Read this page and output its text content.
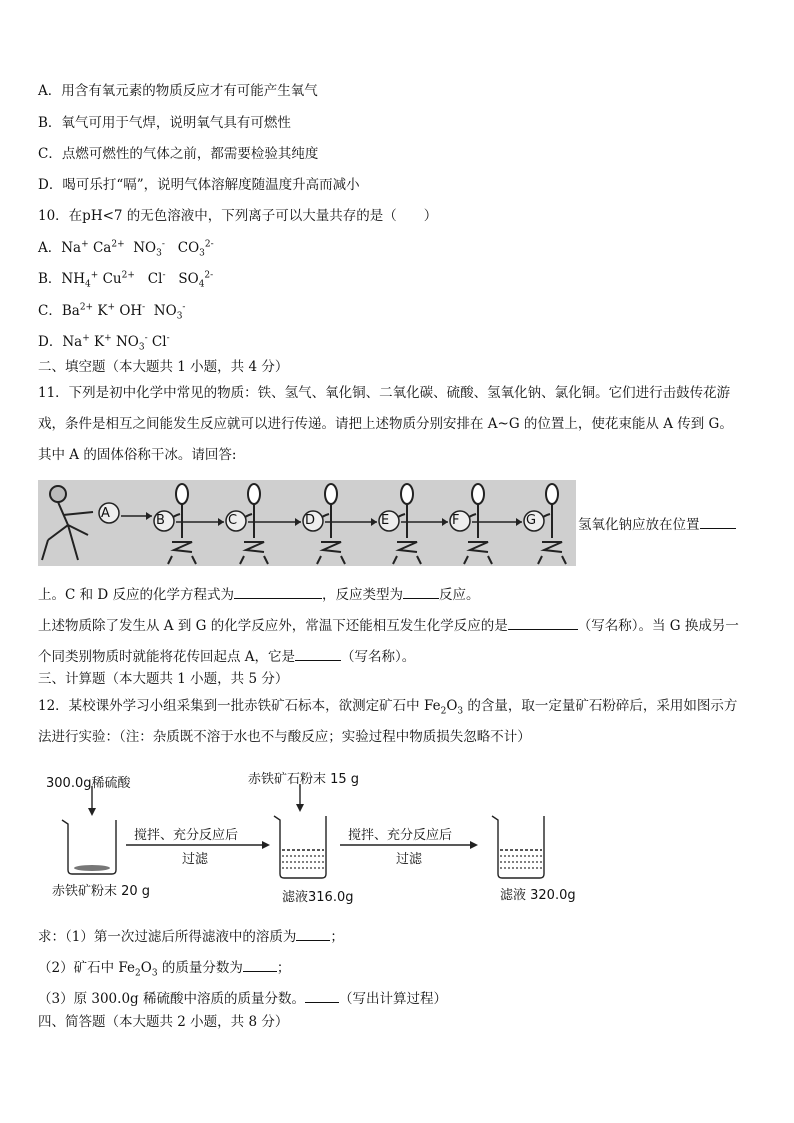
A．用含有氧元素的物质反应才有可能产生氧气
B．氧气可用于气焊，说明氧气具有可燃性
C．点燃可燃性的气体之前，都需要检验其纯度
D．喝可乐打“嗝”，说明气体溶解度随温度升高而减小
10．在pH<7 的无色溶液中，下列离子可以大量共存的是（　　）
A．Na+ $Ca^{2+}$  $NO_3^-$   $CO_3^{2-}$
B．$NH_4^+$ $Cu^{2+}$   Cl-   $SO_4^{2-}$
C．$Ba^{2+}$ K+ OH-  $NO_3^-$
D．Na+ K+ $NO_3^-$ Cl-
二、填空题（本大题共 1 小题，共 4 分）
11．下列是初中化学中常见的物质：铁、氢气、氧化铜、二氧化碳、硫酸、氢氧化钠、氯化铜。它们进行击鼓传花游
戏，条件是相互之间能发生反应就可以进行传递。请把上述物质分别安排在 A~G 的位置上，使花束能从 A 传到 G。
其中 A 的固体俗称干冰。请回答:
A	B	C	D	E	F	G	氢氧化钠应放在位置
上。C 和 D 反应的化学方程式为	，反应类型为	反应。
上述物质除了发生从 A 到 G 的化学反应外，常温下还能相互发生化学反应的是	（写名称）。当 G 换成另一
个同类别物质时就能将花传回起点 A，它是	（写名称）。
三、计算题（本大题共 1 小题，共 5 分）
12．某校课外学习小组采集到一批赤铁矿石标本，欲测定矿石中 $Fe_2O_3$ 的含量，取一定量矿石粉碎后，采用如图示方
法进行实验：（注：杂质既不溶于水也不与酸反应；实验过程中物质损失忽略不计）
300.0g稀硫酸	赤铁矿石粉末 15 g
搅拌、充分反应后
过滤
搅拌、充分反应后
过滤
赤铁矿粉末 20 g	滤液316.0g	滤液 320.0g
求：（1）第一次过滤后所得滤液中的溶质为	；
（2）矿石中 $Fe_2O_3$ 的质量分数为	；
（3）原 300.0g 稀硫酸中溶质的质量分数。	（写出计算过程）
四、简答题（本大题共 2 小题，共 8 分）
